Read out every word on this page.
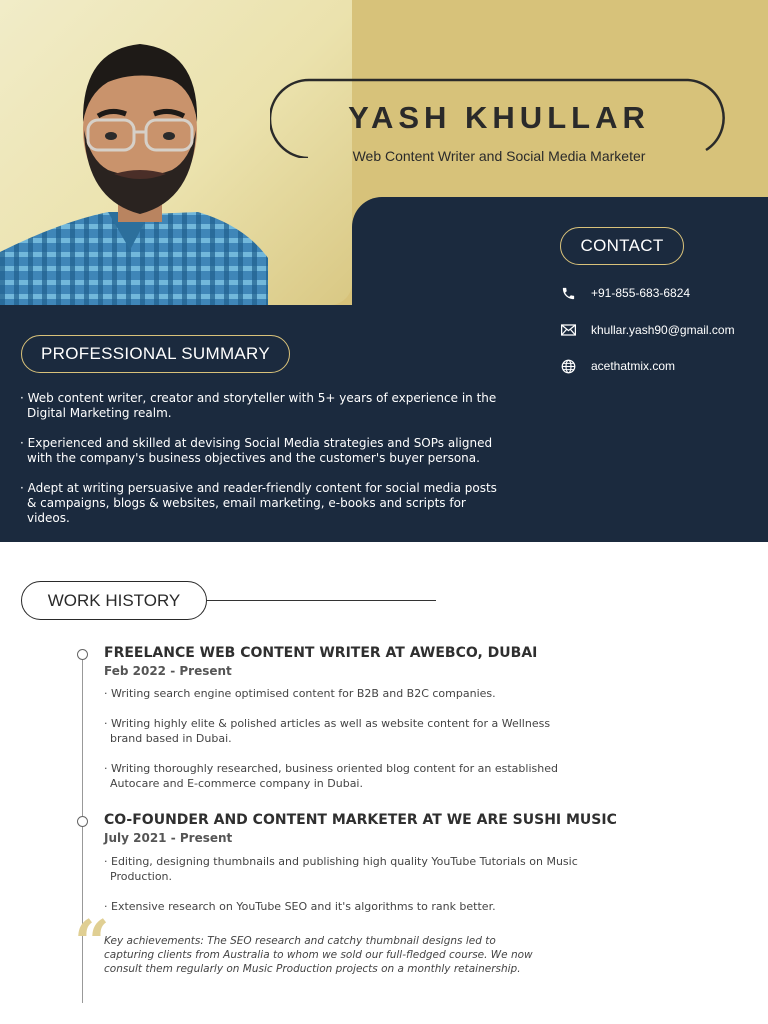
YASH KHULLAR
Web Content Writer and Social Media Marketer
CONTACT
+91-855-683-6824
khullar.yash90@gmail.com
acethatmix.com
PROFESSIONAL SUMMARY
· Web content writer, creator and storyteller with 5+ years of experience in the Digital Marketing realm.
· Experienced and skilled at devising Social Media strategies and SOPs aligned with the company's business objectives and the customer's buyer persona.
· Adept at writing persuasive and reader-friendly content for social media posts & campaigns, blogs & websites, email marketing, e-books and scripts for videos.
WORK HISTORY
FREELANCE WEB CONTENT WRITER AT AWEBCO, DUBAI
Feb 2022 - Present
· Writing search engine optimised content for B2B and B2C companies.
· Writing highly elite & polished articles as well as website content for a Wellness brand based in Dubai.
· Writing thoroughly researched, business oriented blog content for an established Autocare and E-commerce company in Dubai.
CO-FOUNDER AND CONTENT MARKETER AT WE ARE SUSHI MUSIC
July 2021 - Present
· Editing, designing thumbnails and publishing high quality YouTube Tutorials on Music Production.
· Extensive research on YouTube SEO and it's algorithms to rank better.
“
Key achievements: The SEO research and catchy thumbnail designs led to capturing clients from Australia to whom we sold our full-fledged course. We now consult them regularly on Music Production projects on a monthly retainership.
